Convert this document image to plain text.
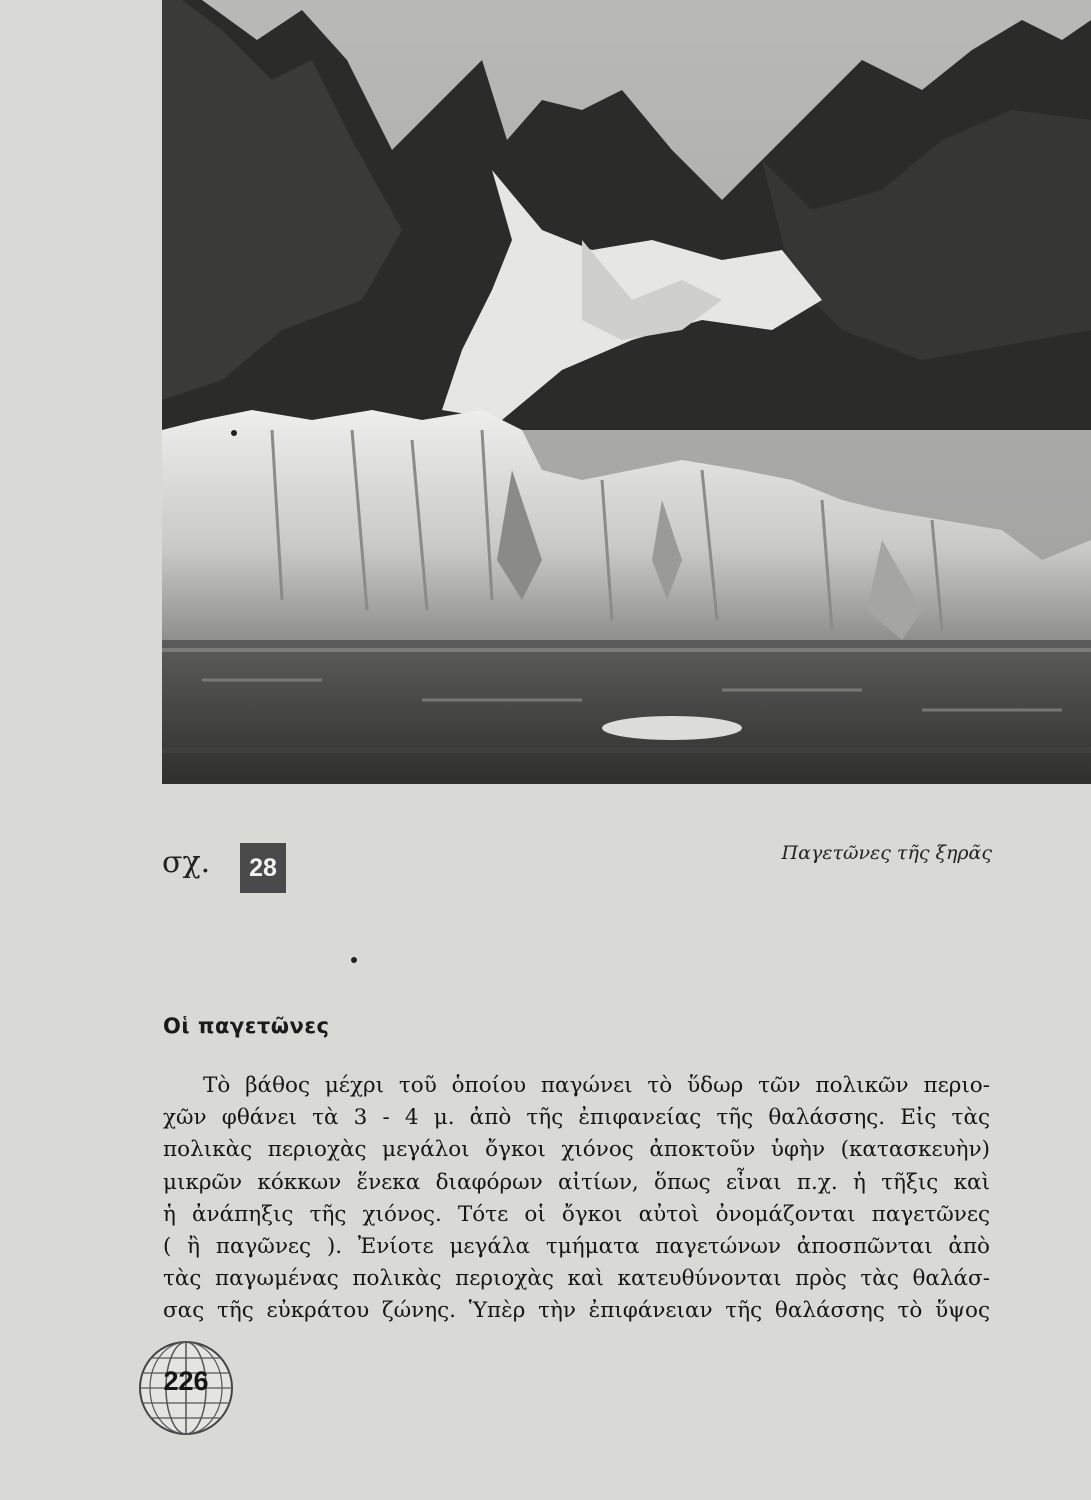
σχ. 28
Παγετῶνες τῆς ξηρᾶς
Οἱ παγετῶνες
Τὸ βάθος μέχρι τοῦ ὁποίου παγώνει τὸ ὕδωρ τῶν πολικῶν περιο-
χῶν φθάνει τὰ 3 - 4 μ. ἀπὸ τῆς ἐπιφανείας τῆς θαλάσσης. Εἰς τὰς
πολικὰς περιοχὰς μεγάλοι ὄγκοι χιόνος ἀποκτοῦν ὑφὴν (κατασκευὴν)
μικρῶν κόκκων ἕνεκα διαφόρων αἰτίων, ὅπως εἶναι π.χ. ἡ τῆξις καὶ
ἡ ἀνάπηξις τῆς χιόνος. Τότε οἱ ὄγκοι αὐτοὶ ὀνομάζονται παγετῶνες
( ἢ παγῶνες ). Ἐνίοτε μεγάλα τμήματα παγετώνων ἀποσπῶνται ἀπὸ
τὰς παγωμένας πολικὰς περιοχὰς καὶ κατευθύνονται πρὸς τὰς θαλάσ-
σας τῆς εὐκράτου ζώνης. Ὑπὲρ τὴν ἐπιφάνειαν τῆς θαλάσσης τὸ ὕψος
226
